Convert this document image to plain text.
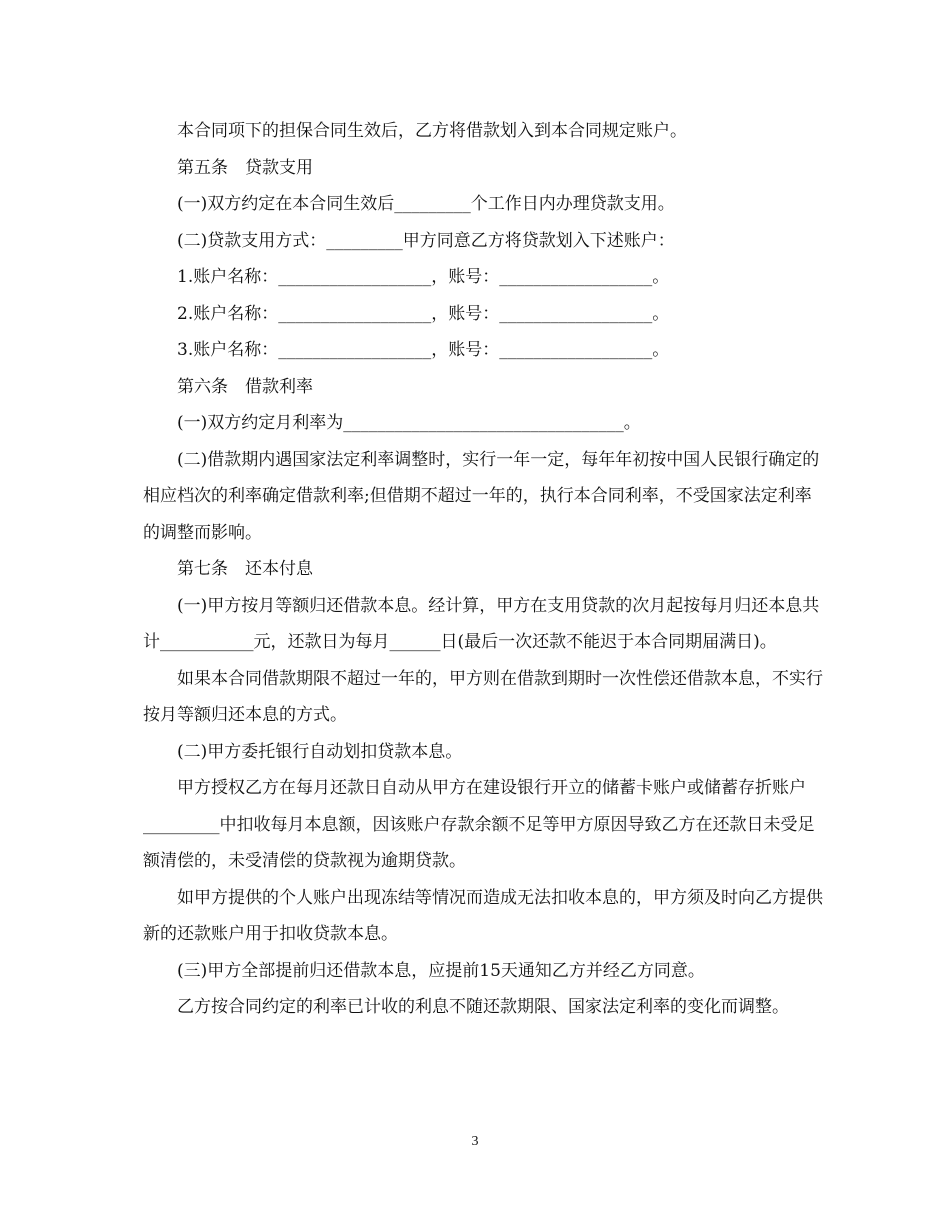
本合同项下的担保合同生效后，乙方将借款划入到本合同规定账户。

第五条　贷款支用

(一)双方约定在本合同生效后_________个工作日内办理贷款支用。

(二)贷款支用方式：_________甲方同意乙方将贷款划入下述账户：

1.账户名称：__________________，账号：__________________。

2.账户名称：__________________，账号：__________________。

3.账户名称：__________________，账号：__________________。

第六条　借款利率

(一)双方约定月利率为_________________________________。

(二)借款期内遇国家法定利率调整时，实行一年一定，每年年初按中国人民银行确定的相应档次的利率确定借款利率;但借期不超过一年的，执行本合同利率，不受国家法定利率的调整而影响。

第七条　还本付息

(一)甲方按月等额归还借款本息。经计算，甲方在支用贷款的次月起按每月归还本息共计___________元，还款日为每月______日(最后一次还款不能迟于本合同期届满日)。

如果本合同借款期限不超过一年的，甲方则在借款到期时一次性偿还借款本息，不实行按月等额归还本息的方式。

(二)甲方委托银行自动划扣贷款本息。

甲方授权乙方在每月还款日自动从甲方在建设银行开立的储蓄卡账户或储蓄存折账户_________中扣收每月本息额，因该账户存款余额不足等甲方原因导致乙方在还款日未受足额清偿的，未受清偿的贷款视为逾期贷款。

如甲方提供的个人账户出现冻结等情况而造成无法扣收本息的，甲方须及时向乙方提供新的还款账户用于扣收贷款本息。

(三)甲方全部提前归还借款本息，应提前15天通知乙方并经乙方同意。

乙方按合同约定的利率已计收的利息不随还款期限、国家法定利率的变化而调整。

3
